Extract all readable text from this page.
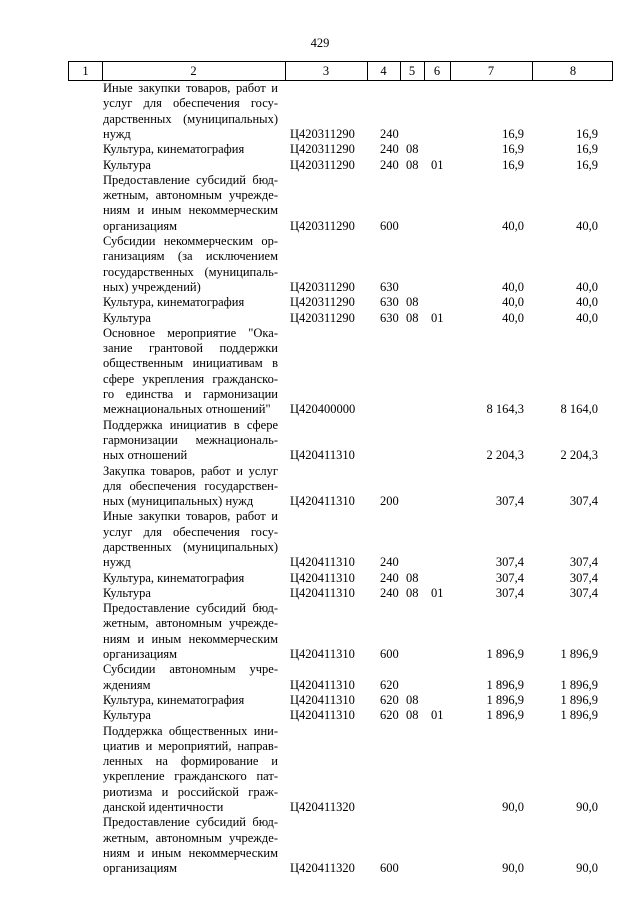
429
1	2	3	4	5	6	7	8
Иные закупки товаров, работ и
услуг для обеспечения госу-
дарственных (муниципальных)
нужд	Ц420311290 240	16,9	16,9
Культура, кинематография	Ц420311290 240 08	16,9	16,9
Культура	Ц420311290 240 08 01	16,9	16,9
Предоставление субсидий бюд-
жетным, автономным учрежде-
ниям и иным некоммерческим
организациям	Ц420311290 600	40,0	40,0
Субсидии некоммерческим ор-
ганизациям (за исключением
государственных (муниципаль-
ных) учреждений)	Ц420311290 630	40,0	40,0
Культура, кинематография	Ц420311290 630 08	40,0	40,0
Культура	Ц420311290 630 08 01	40,0	40,0
Основное мероприятие "Ока-
зание грантовой поддержки
общественным инициативам в
сфере укрепления гражданско-
го единства и гармонизации
межнациональных отношений"	Ц420400000	8 164,3	8 164,0
Поддержка инициатив в сфере
гармонизации межнациональ-
ных отношений	Ц420411310	2 204,3	2 204,3
Закупка товаров, работ и услуг
для обеспечения государствен-
ных (муниципальных) нужд	Ц420411310 200	307,4	307,4
Иные закупки товаров, работ и
услуг для обеспечения госу-
дарственных (муниципальных)
нужд	Ц420411310 240	307,4	307,4
Культура, кинематография	Ц420411310 240 08	307,4	307,4
Культура	Ц420411310 240 08 01	307,4	307,4
Предоставление субсидий бюд-
жетным, автономным учрежде-
ниям и иным некоммерческим
организациям	Ц420411310 600	1 896,9	1 896,9
Субсидии автономным учре-
ждениям	Ц420411310 620	1 896,9	1 896,9
Культура, кинематография	Ц420411310 620 08	1 896,9	1 896,9
Культура	Ц420411310 620 08 01	1 896,9	1 896,9
Поддержка общественных ини-
циатив и мероприятий, направ-
ленных на формирование и
укрепление гражданского пат-
риотизма и российской граж-
данской идентичности	Ц420411320	90,0	90,0
Предоставление субсидий бюд-
жетным, автономным учрежде-
ниям и иным некоммерческим
организациям	Ц420411320 600	90,0	90,0
